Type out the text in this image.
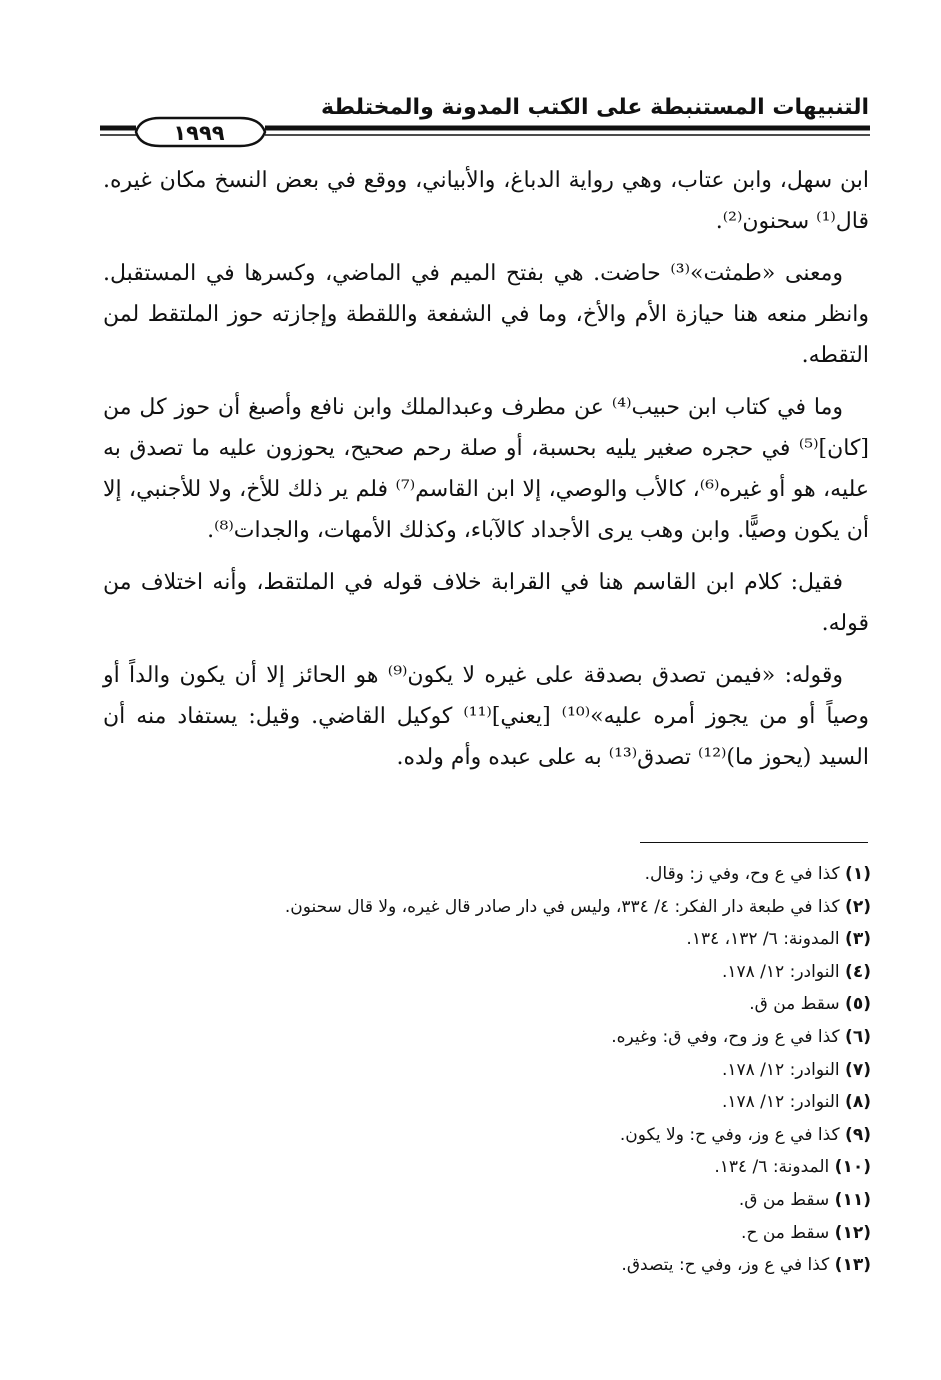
التنبيهات المستنبطة على الكتب المدونة والمختلطة
١٩٩٩

ابن سهل، وابن عتاب، وهي رواية الدباغ، والأبياني، ووقع في بعض النسخ مكان غيره. قال⁽¹⁾ سحنون⁽²⁾.

ومعنى «طمثت»⁽³⁾ حاضت. هي بفتح الميم في الماضي، وكسرها في المستقبل. وانظر منعه هنا حيازة الأم والأخ، وما في الشفعة واللقطة وإجازته حوز الملتقط لمن التقطه.

وما في كتاب ابن حبيب⁽⁴⁾ عن مطرف وعبدالملك وابن نافع وأصبغ أن حوز كل من [كان]⁽⁵⁾ في حجره صغير يليه بحسبة، أو صلة رحم صحيح، يحوزون عليه ما تصدق به عليه، هو أو غيره⁽⁶⁾، كالأب والوصي، إلا ابن القاسم⁽⁷⁾ فلم ير ذلك للأخ، ولا للأجنبي، إلا أن يكون وصيًّا. وابن وهب يرى الأجداد كالآباء، وكذلك الأمهات، والجدات⁽⁸⁾.

فقيل: كلام ابن القاسم هنا في القرابة خلاف قوله في الملتقط، وأنه اختلاف من قوله.

وقوله: «فيمن تصدق بصدقة على غيره لا يكون⁽⁹⁾ هو الحائز إلا أن يكون والداً أو وصياً أو من يجوز أمره عليه»⁽¹⁰⁾ [يعني]⁽¹¹⁾ كوكيل القاضي. وقيل: يستفاد منه أن السيد (يحوز ما)⁽¹²⁾ تصدق⁽¹³⁾ به على عبده وأم ولده.

(١) كذا في ع وح، وفي ز: وقال.
(٢) كذا في طبعة دار الفكر: ٤/ ٣٣٤، وليس في دار صادر قال غيره، ولا قال سحنون.
(٣) المدونة: ٦/ ١٣٢، ١٣٤.
(٤) النوادر: ١٢/ ١٧٨.
(٥) سقط من ق.
(٦) كذا في ع وز وح، وفي ق: وغيره.
(٧) النوادر: ١٢/ ١٧٨.
(٨) النوادر: ١٢/ ١٧٨.
(٩) كذا في ع وز، وفي ح: ولا يكون.
(١٠) المدونة: ٦/ ١٣٤.
(١١) سقط من ق.
(١٢) سقط من ح.
(١٣) كذا في ع وز، وفي ح: يتصدق.
